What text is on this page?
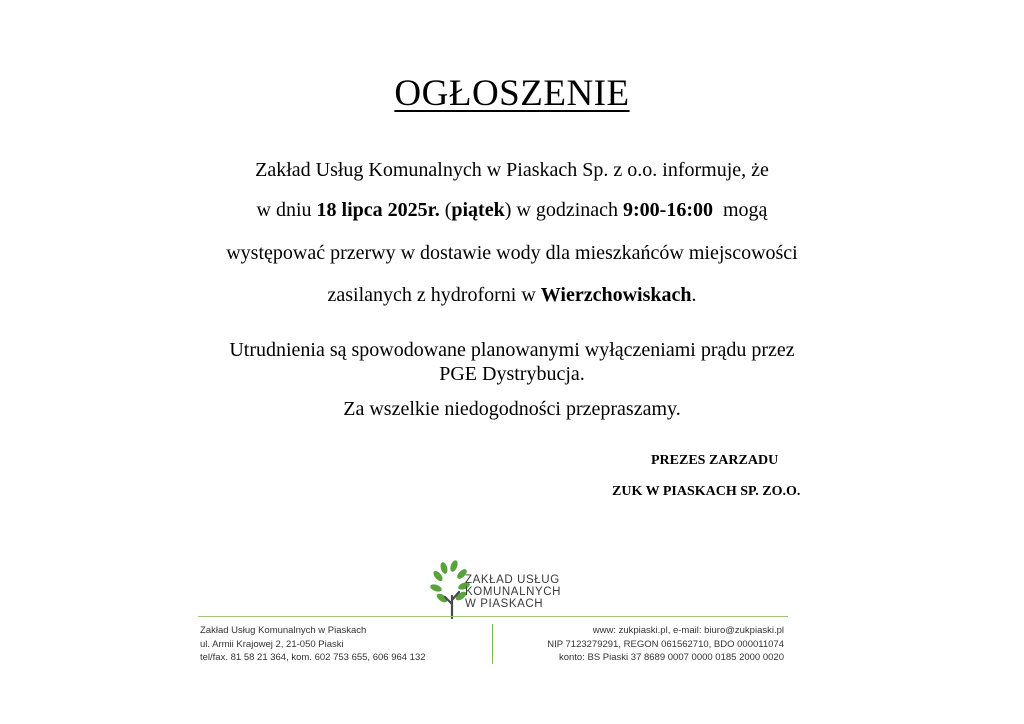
OGŁOSZENIE
Zakład Usług Komunalnych w Piaskach Sp. z o.o. informuje, że
w dniu 18 lipca 2025r. (piątek) w godzinach 9:00-16:00  mogą
występować przerwy w dostawie wody dla mieszkańców miejscowości
zasilanych z hydroforni w Wierzchowiskach.
Utrudnienia są spowodowane planowanymi wyłączeniami prądu przez
PGE Dystrybucja.
Za wszelkie niedogodności przepraszamy.
PREZES ZARZADU
ZUK W PIASKACH SP. ZO.O.
ZAKŁAD USŁUG
KOMUNALNYCH
W PIASKACH
Zakład Usług Komunalnych w Piaskach
ul. Armii Krajowej 2, 21-050 Piaski
tel/fax. 81 58 21 364, kom. 602 753 655, 606 964 132
www: zukpiaski.pl, e-mail: biuro@zukpiaski.pl
NIP 7123279291, REGON 061562710, BDO 000011074
konto: BS Piaski 37 8689 0007 0000 0185 2000 0020
